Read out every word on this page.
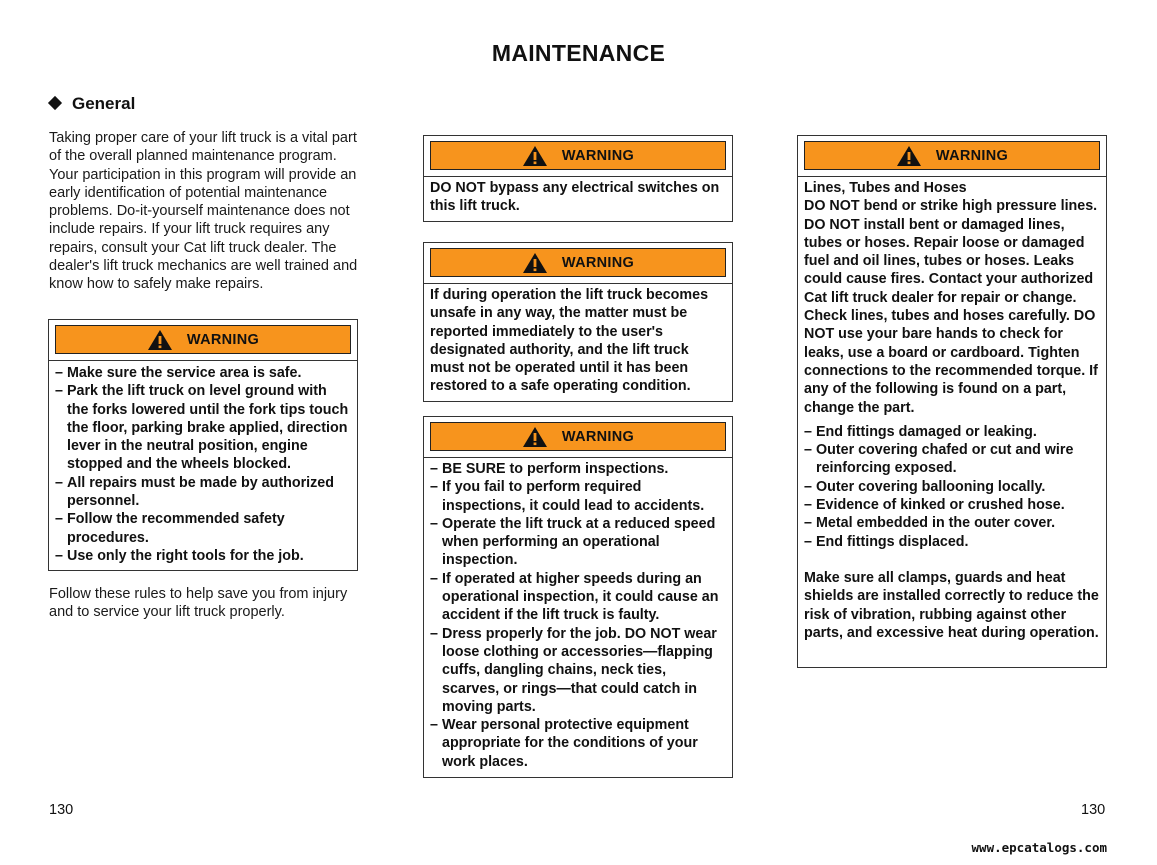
MAINTENANCE
General
Taking proper care of your lift truck is a vital part of the overall planned maintenance program. Your participation in this program will provide an early identification of potential maintenance problems. Do-it-yourself maintenance does not include repairs. If your lift truck requires any repairs, consult your Cat lift truck dealer. The dealer's lift truck mechanics are well trained and know how to safely make repairs.
WARNING
– Make sure the service area is safe.
– Park the lift truck on level ground with the forks lowered until the fork tips touch the floor, parking brake applied, direction lever in the neutral position, engine stopped and the wheels blocked.
– All repairs must be made by authorized personnel.
– Follow the recommended safety procedures.
– Use only the right tools for the job.
Follow these rules to help save you from injury and to service your lift truck properly.
WARNING
DO NOT bypass any electrical switches on this lift truck.
WARNING
If during operation the lift truck becomes unsafe in any way, the matter must be reported immediately to the user's designated authority, and the lift truck must not be operated until it has been restored to a safe operating condition.
WARNING
– BE SURE to perform inspections.
– If you fail to perform required inspections, it could lead to accidents.
– Operate the lift truck at a reduced speed when performing an operational inspection.
– If operated at higher speeds during an operational inspection, it could cause an accident if the lift truck is faulty.
– Dress properly for the job. DO NOT wear loose clothing or accessories—flapping cuffs, dangling chains, neck ties, scarves, or rings—that could catch in moving parts.
– Wear personal protective equipment appropriate for the conditions of your work places.
WARNING
Lines, Tubes and Hoses
DO NOT bend or strike high pressure lines. DO NOT install bent or damaged lines, tubes or hoses. Repair loose or damaged fuel and oil lines, tubes or hoses. Leaks could cause fires. Contact your authorized Cat lift truck dealer for repair or change. Check lines, tubes and hoses carefully. DO NOT use your bare hands to check for leaks, use a board or cardboard. Tighten connections to the recommended torque. If any of the following is found on a part, change the part.
– End fittings damaged or leaking.
– Outer covering chafed or cut and wire reinforcing exposed.
– Outer covering ballooning locally.
– Evidence of kinked or crushed hose.
– Metal embedded in the outer cover.
– End fittings displaced.
Make sure all clamps, guards and heat shields are installed correctly to reduce the risk of vibration, rubbing against other parts, and excessive heat during operation.
130	130
www.epcatalogs.com
